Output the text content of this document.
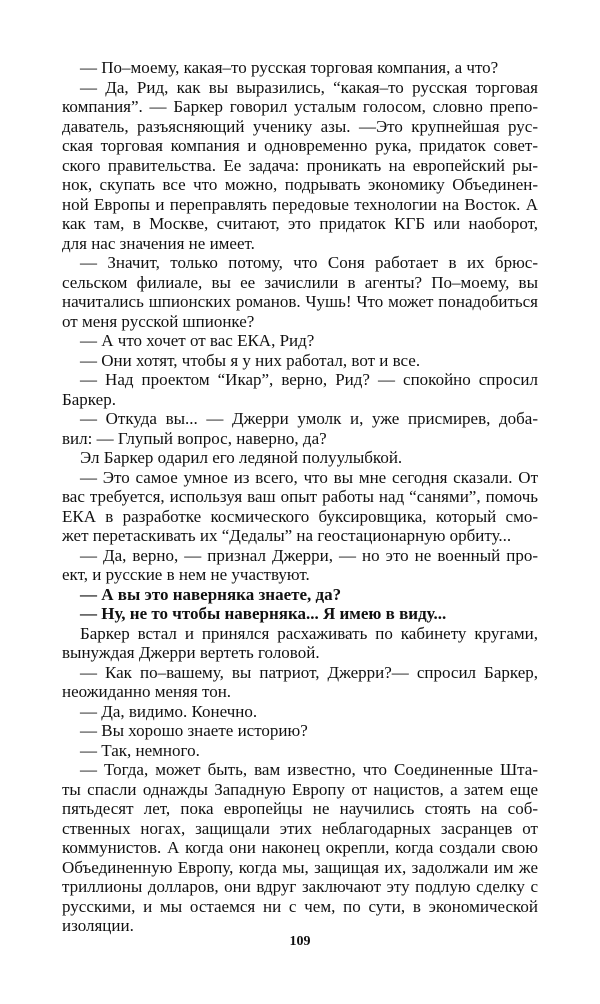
— По–моему, какая–то русская торговая компания, а что?
— Да, Рид, как вы выразились, “какая–то русская торговая
компания”. — Баркер говорил усталым голосом, словно препо-
даватель, разъясняющий ученику азы. —Это крупнейшая рус-
ская торговая компания и одновременно рука, придаток совет-
ского правительства. Ее задача: проникать на европейский ры-
нок, скупать все что можно, подрывать экономику Объединен-
ной Европы и переправлять передовые технологии на Восток. А
как там, в Москве, считают, это придаток КГБ или наоборот,
для нас значения не имеет.
— Значит, только потому, что Соня работает в их брюс-
сельском филиале, вы ее зачислили в агенты? По–моему, вы
начитались шпионских романов. Чушь! Что может понадобиться
от меня русской шпионке?
— А что хочет от вас ЕКА, Рид?
— Они хотят, чтобы я у них работал, вот и все.
— Над проектом “Икар”, верно, Рид? — спокойно спросил
Баркер.
— Откуда вы... — Джерри умолк и, уже присмирев, доба-
вил: — Глупый вопрос, наверно, да?
Эл Баркер одарил его ледяной полуулыбкой.
— Это самое умное из всего, что вы мне сегодня сказали. От
вас требуется, используя ваш опыт работы над “санями”, помочь
ЕКА в разработке космического буксировщика, который смо-
жет перетаскивать их “Дедалы” на геостационарную орбиту...
— Да, верно, — признал Джерри, — но это не военный про-
ект, и русские в нем не участвуют.
— А вы это наверняка знаете, да?
— Ну, не то чтобы наверняка... Я имею в виду...
Баркер встал и принялся расхаживать по кабинету кругами,
вынуждая Джерри вертеть головой.
— Как по–вашему, вы патриот, Джерри?— спросил Баркер,
неожиданно меняя тон.
— Да, видимо. Конечно.
— Вы хорошо знаете историю?
— Так, немного.
— Тогда, может быть, вам известно, что Соединенные Шта-
ты спасли однажды Западную Европу от нацистов, а затем еще
пятьдесят лет, пока европейцы не научились стоять на соб-
ственных ногах, защищали этих неблагодарных засранцев от
коммунистов. А когда они наконец окрепли, когда создали свою
Объединенную Европу, когда мы, защищая их, задолжали им же
триллионы долларов, они вдруг заключают эту подлую сделку с
русскими, и мы остаемся ни с чем, по сути, в экономической
изоляции.
109
